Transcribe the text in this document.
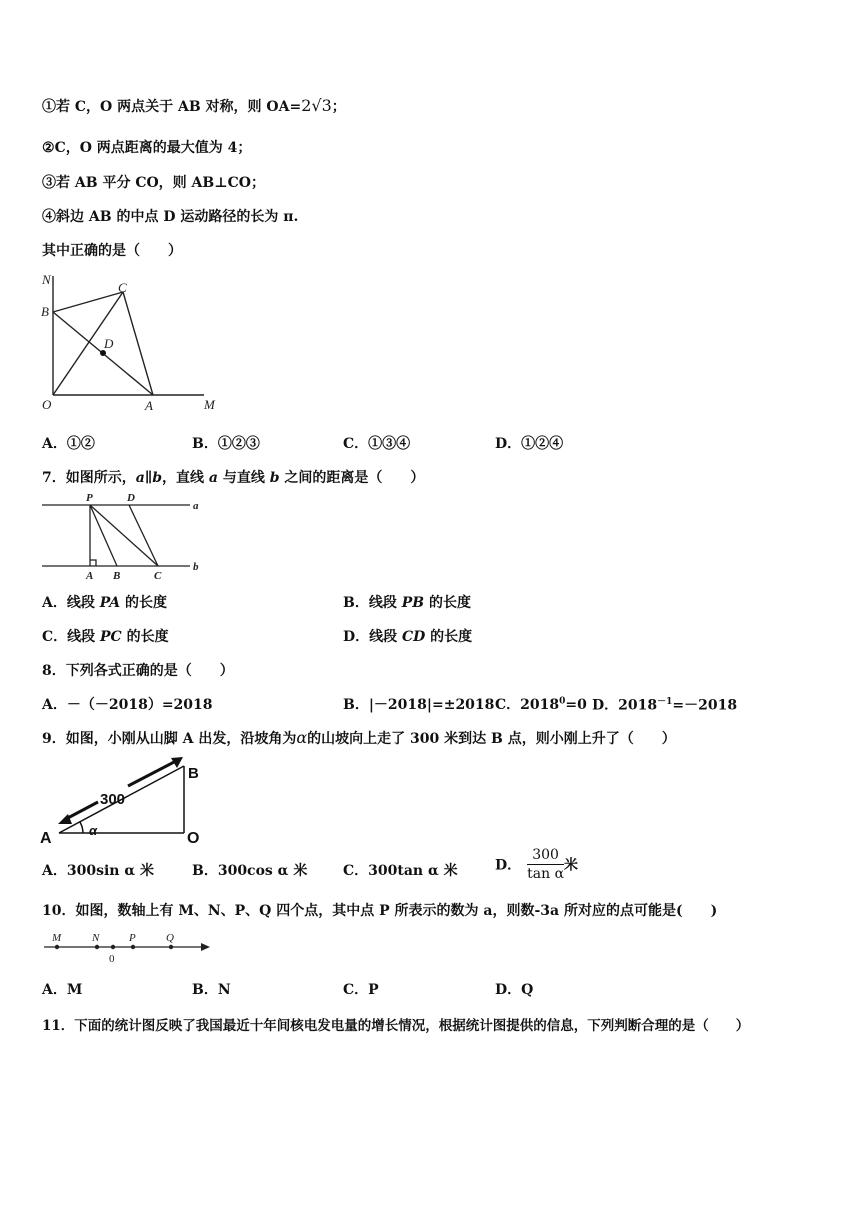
①若 C，O 两点关于 AB 对称，则 OA=2√3；
②C，O 两点距离的最大值为 4；
③若 AB 平分 CO，则 AB⊥CO；
④斜边 AB 的中点 D 运动路径的长为 π.
其中正确的是（　　）
N
C
B
D
O	A	M
A．①②	B．①②③	C．①③④	D．①②④
7．如图所示，a∥b，直线 a 与直线 b 之间的距离是（　　）
P	D
a
A B	C
b
A．线段 PA 的长度	B．线段 PB 的长度
C．线段 PC 的长度	D．线段 CD 的长度
8．下列各式正确的是（　　）
A．－（－2018）=2018	B．|－2018|=±2018 C．$2018^0=0$ D．$2018^{-1}=-2018$
9．如图，小刚从山脚 A 出发，沿坡角为α的山坡向上走了 300 米到达 B 点，则小刚上升了（　　）
300
B
A	O
α
A．300sin α 米	B．300cos α 米	C．300tan α 米	D． $\frac{300}{\text{tan α}}$ 米
10．如图，数轴上有 M、N、P、Q 四个点，其中点 P 所表示的数为 a，则数-3a 所对应的点可能是(　　)
M	N	P	Q
0
A．M	B．N	C．P	D．Q
11．下面的统计图反映了我国最近十年间核电发电量的增长情况，根据统计图提供的信息，下列判断合理的是（　　）
